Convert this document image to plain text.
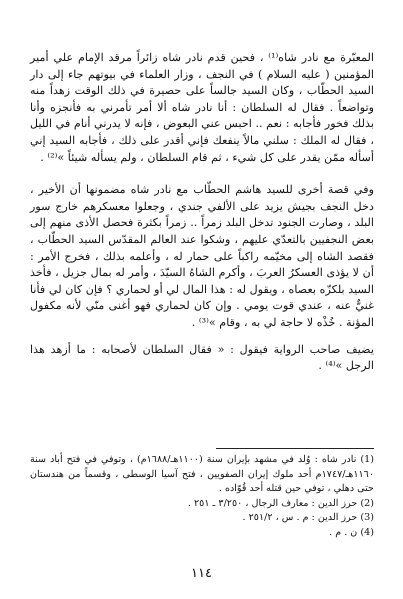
المعبّرة مع نادر شاه⁽¹⁾ ، فحين قدم نادر شاه زائراً مرقد الإمام علي أمير المؤمنين ( عليه السلام ) في النجف ، وزار العلماء في بيوتهم جاء إلى دار السيد الحطّاب ، وكان السيد جالساً على حصيرة في ذلك الوقت زهداً منه وتواضعاً . فقال له السلطان : أنا نادر شاه ألا أمر تأمرني به فأنجزه وأنا بذلك فخور فأجابه : نعم .. احبس عني البعوض ، فإنه لا يدرني أنام في الليل ، فقال له الملك : سلني مالاً ينفعك فإني أقدر على ذلك ، فأجابه السيد إني أسأله ممّن يقدر على كل شيء ، ثم قام السلطان ، ولم يسأله شيئاً »⁽²⁾ .

وفي قصة أخرى للسيد هاشم الحطّاب مع نادر شاه مضمونها أن الأخير ، دخل النجف بجيش يزيد على الألفي جندي ، وجعلوا معسكرهم خارج سور البلد ، وصارت الجنود تدخل البلد زمراً .. زمراً بكثرة فحصل الأذى منهم إلى بعض النجفيين بالتعدّي عليهم ، وشكوا عند العالم المقدّس السيد الحطّاب ، فقصد الشاه إلى مخيّمه راكباً على حمار له ، وأعلمه بذلك ، فخرج الأمر : أن لا يؤذى العسكرُ العربَ ، وأكرم الشاهُ السيّدَ ، وأمر له بمال جزيل ، فأخذ السيد بلكزّه بعصاه ، ويقول له : هذا المال لي أو لحماري ؟ فإن كان لي فأنا غنيٌّ عنه ، عندي قوت يومي . وإن كان لحماري فهو أغنى منّي لأنه مكفول المؤنة . خُذْه لا حاجة لي به ، وقام »⁽³⁾ .

يضيف صاحب الرواية فيقول : « فقال السلطان لأصحابه : ما أزهد هذا الرجل »⁽⁴⁾ .

(1) نادر شاه : وُلد في مشهد بإيران سنة (١١٠٠هـ/١٦٨٨م) ، وتوفي في فتح أباد سنة ١١٦٠هـ/١٧٤٧م أحد ملوك إيران الصفويين ، فتح آسيا الوسطى ، وقسماً من هندستان حتى دهلي ، توفي حين قتله أحد قُوّاده .

(2) حرز الدين : معارف الرجال ، ٣/٢٥٠ ـ ٢٥١ .

(3) حرز الدين : م . س ، ٢٥١/٢ .

(4) ن . م .

١١٤
